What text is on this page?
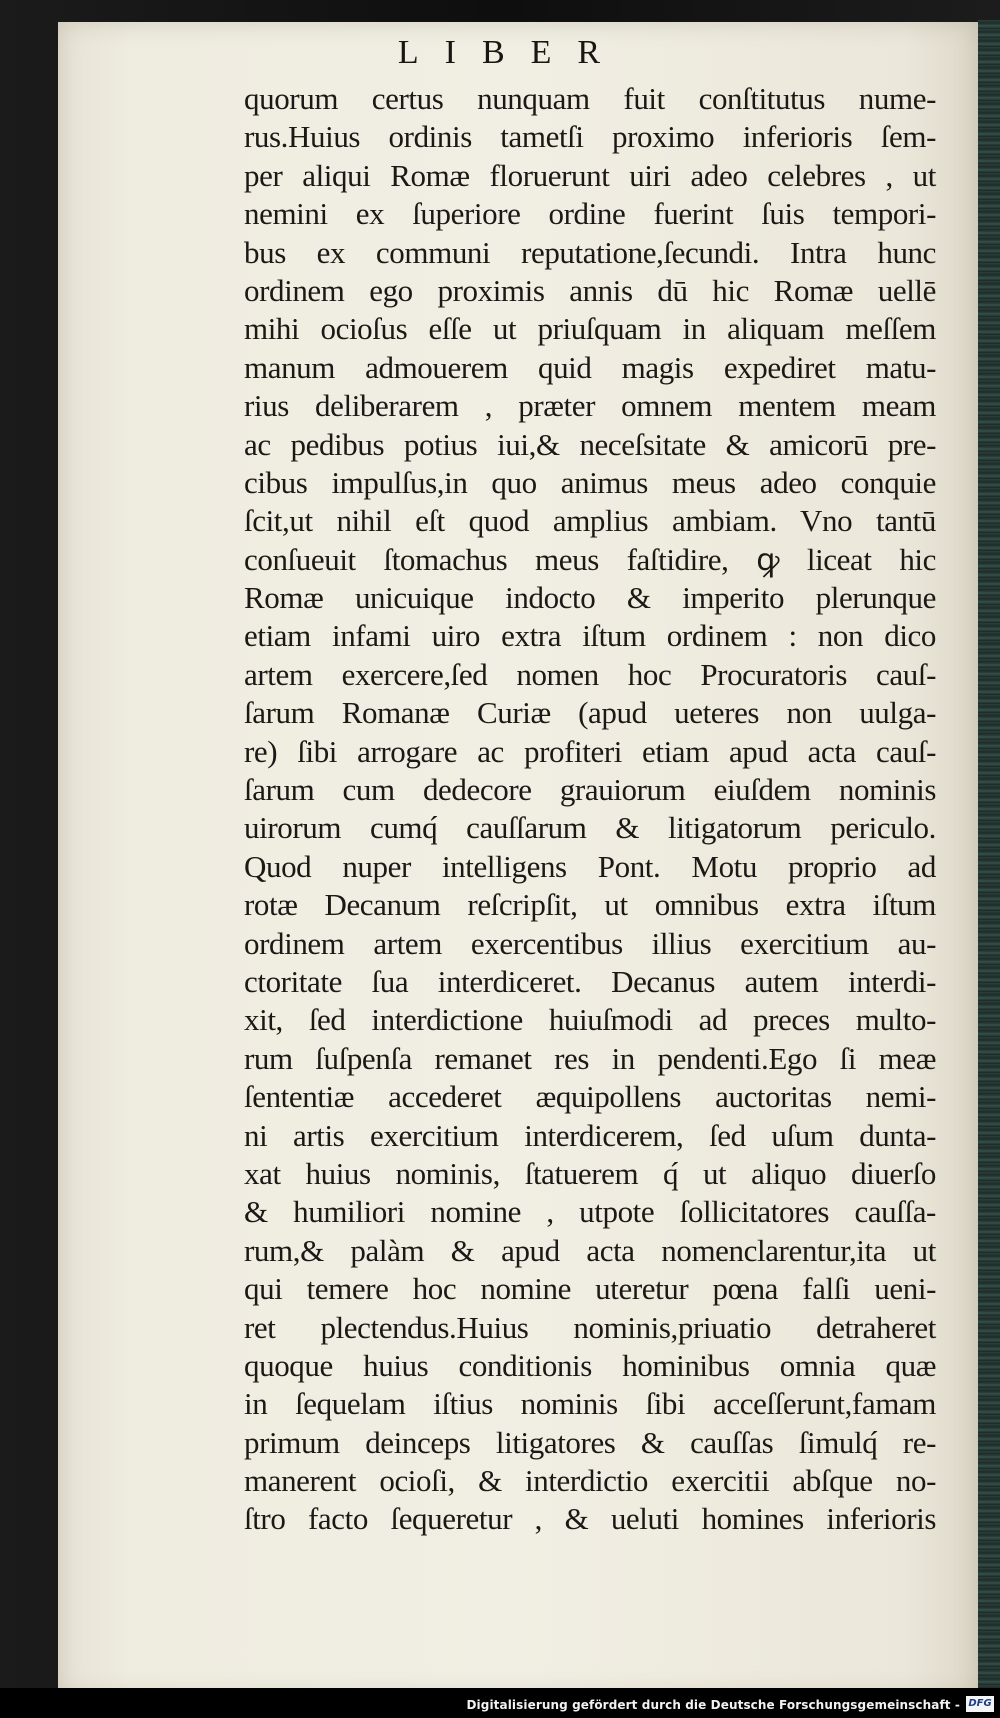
LIBER
quorum certus nunquam fuit conſtitutus nume-
rus.Huius ordinis tametſi proximo inferioris ſem-
per aliqui Romæ floruerunt uiri adeo celebres , ut
nemini ex ſuperiore ordine fuerint ſuis tempori-
bus ex communi reputatione,ſecundi. Intra hunc
ordinem ego proximis annis dū hic Romæ uellē
mihi ocioſus eſſe ut priuſquam in aliquam meſſem
manum admouerem quid magis expediret matu-
rius deliberarem , præter omnem mentem meam
ac pedibus potius iui,& neceſsitate & amicorū pre-
cibus impulſus,in quo animus meus adeo conquie
ſcit,ut nihil eſt quod amplius ambiam. Vno tantū
conſueuit ſtomachus meus faſtidire, ꝙ liceat hic
Romæ unicuique indocto & imperito plerunque
etiam infami uiro extra iſtum ordinem : non dico
artem exercere,ſed nomen hoc Procuratoris cauſ-
ſarum Romanæ Curiæ (apud ueteres non uulga-
re) ſibi arrogare ac profiteri etiam apud acta cauſ-
ſarum cum dedecore grauiorum eiuſdem nominis
uirorum cumq́ cauſſarum & litigatorum periculo.
Quod nuper intelligens Pont. Motu proprio ad
rotæ Decanum reſcripſit, ut omnibus extra iſtum
ordinem artem exercentibus illius exercitium au-
ctoritate ſua interdiceret. Decanus autem interdi-
xit, ſed interdictione huiuſmodi ad preces multo-
rum ſuſpenſa remanet res in pendenti.Ego ſi meæ
ſententiæ accederet æquipollens auctoritas nemi-
ni artis exercitium interdicerem, ſed uſum dunta-
xat huius nominis, ſtatuerem q́ ut aliquo diuerſo
& humiliori nomine , utpote ſollicitatores cauſſa-
rum,& palàm & apud acta nomenclarentur,ita ut
qui temere hoc nomine uteretur pœna falſi ueni-
ret plectendus.Huius nominis,priuatio detraheret
quoque huius conditionis hominibus omnia quæ
in ſequelam iſtius nominis ſibi acceſſerunt,famam
primum deinceps litigatores & cauſſas ſimulq́ re-
manerent ocioſi, & interdictio exercitii abſque no-
ſtro facto ſequeretur , & ueluti homines inferioris
Digitalisierung gefördert durch die Deutsche Forschungsgemeinschaft - DFG
